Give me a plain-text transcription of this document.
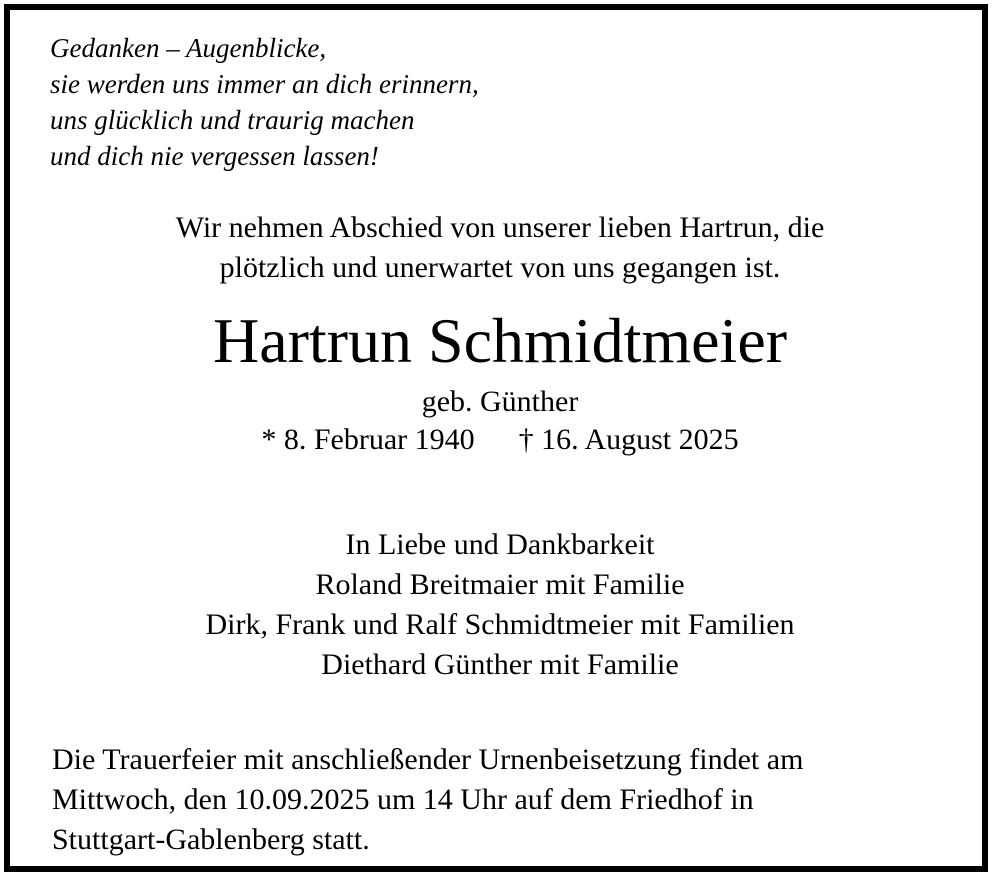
Gedanken – Augenblicke,
sie werden uns immer an dich erinnern,
uns glücklich und traurig machen
und dich nie vergessen lassen!
Wir nehmen Abschied von unserer lieben Hartrun, die
plötzlich und unerwartet von uns gegangen ist.
Hartrun Schmidtmeier
geb. Günther
* 8. Februar 1940 † 16. August 2025
In Liebe und Dankbarkeit
Roland Breitmaier mit Familie
Dirk, Frank und Ralf Schmidtmeier mit Familien
Diethard Günther mit Familie
Die Trauerfeier mit anschließender Urnenbeisetzung findet am
Mittwoch, den 10.09.2025 um 14 Uhr auf dem Friedhof in
Stuttgart-Gablenberg statt.
